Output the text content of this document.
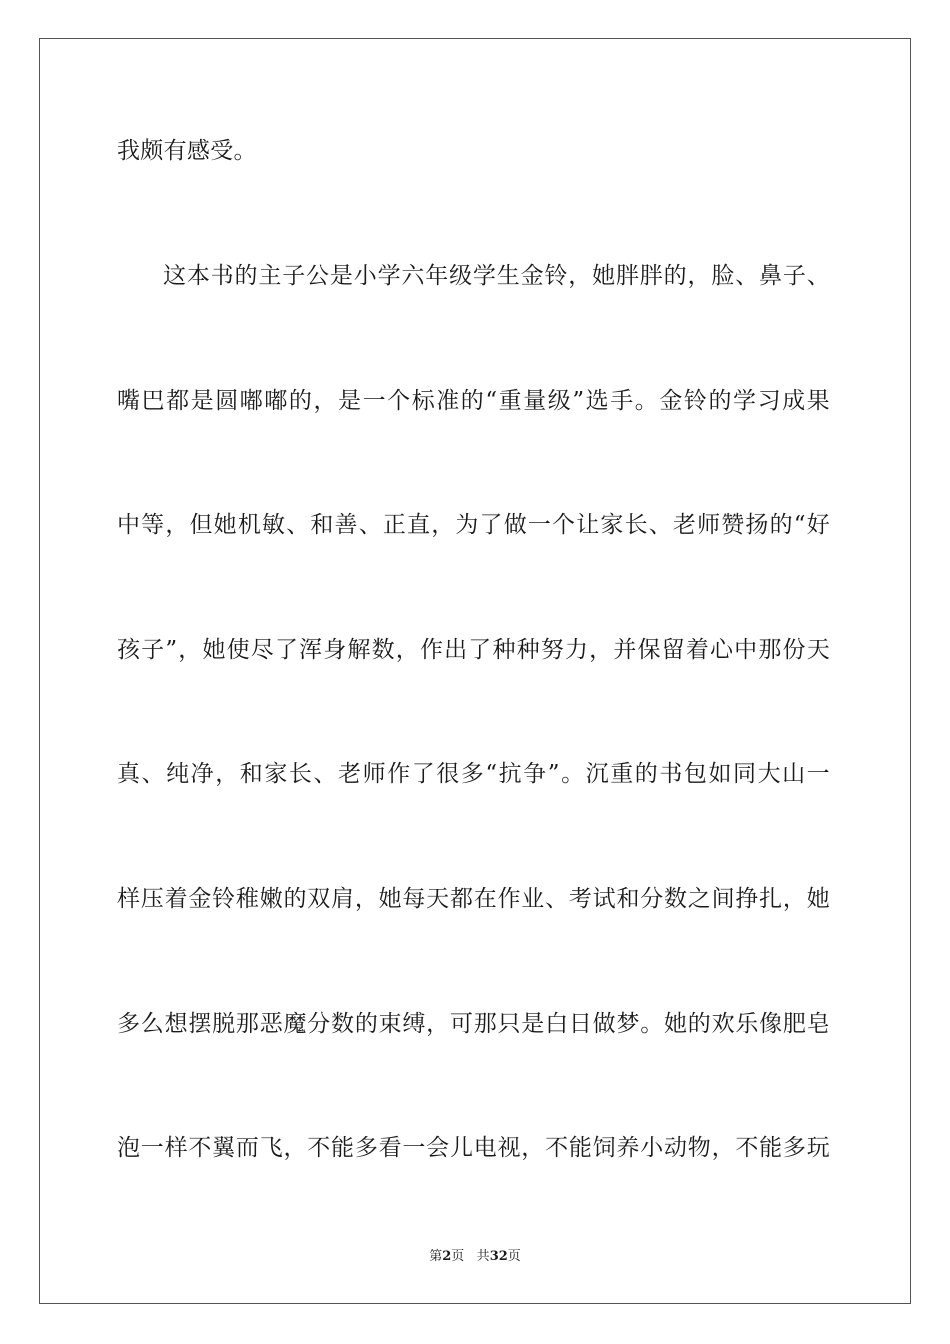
我颇有感受。
这本书的主子公是小学六年级学生金铃，她胖胖的，脸、鼻子、
嘴巴都是圆嘟嘟的，是一个标准的“重量级”选手。金铃的学习成果
中等，但她机敏、和善、正直，为了做一个让家长、老师赞扬的“好
孩子”，她使尽了浑身解数，作出了种种努力，并保留着心中那份天
真、纯净，和家长、老师作了很多“抗争”。沉重的书包如同大山一
样压着金铃稚嫩的双肩，她每天都在作业、考试和分数之间挣扎，她
多么想摆脱那恶魔分数的束缚，可那只是白日做梦。她的欢乐像肥皂
泡一样不翼而飞，不能多看一会儿电视，不能饲养小动物，不能多玩
第2页 共32页
